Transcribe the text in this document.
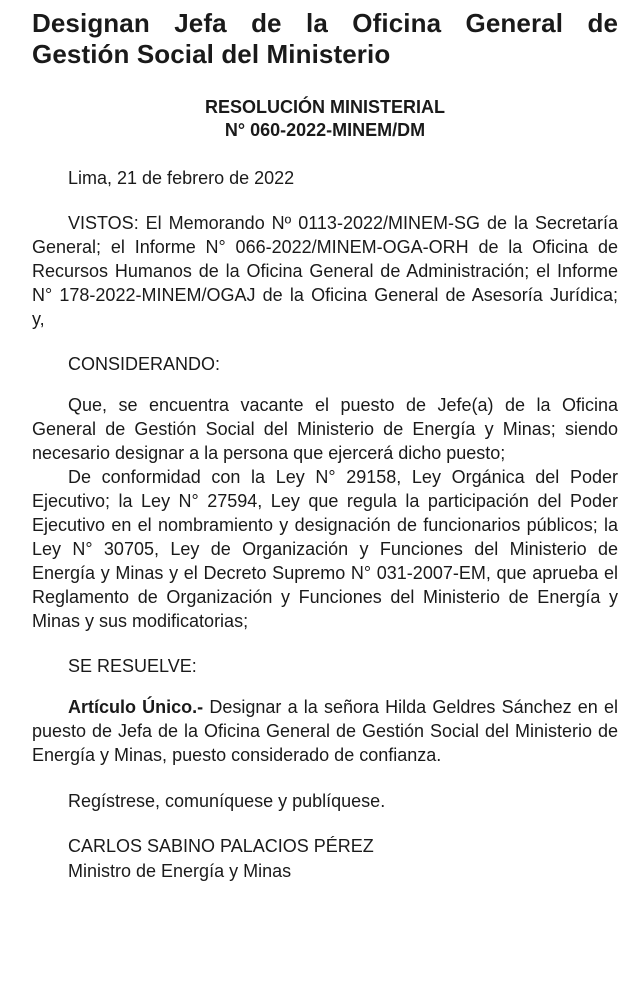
Designan Jefa de la Oficina General de Gestión Social del Ministerio
RESOLUCIÓN MINISTERIAL
N° 060-2022-MINEM/DM

Lima, 21 de febrero de 2022

VISTOS: El Memorando Nº 0113-2022/MINEM-SG de la Secretaría General; el Informe N° 066-2022/MINEM-OGA-ORH de la Oficina de Recursos Humanos de la Oficina General de Administración; el Informe N° 178-2022-MINEM/OGAJ de la Oficina General de Asesoría Jurídica; y,

CONSIDERANDO:

Que, se encuentra vacante el puesto de Jefe(a) de la Oficina General de Gestión Social del Ministerio de Energía y Minas; siendo necesario designar a la persona que ejercerá dicho puesto;

De conformidad con la Ley N° 29158, Ley Orgánica del Poder Ejecutivo; la Ley N° 27594, Ley que regula la participación del Poder Ejecutivo en el nombramiento y designación de funcionarios públicos; la Ley N° 30705, Ley de Organización y Funciones del Ministerio de Energía y Minas y el Decreto Supremo N° 031-2007-EM, que aprueba el Reglamento de Organización y Funciones del Ministerio de Energía y Minas y sus modificatorias;

SE RESUELVE:

Artículo Único.- Designar a la señora Hilda Geldres Sánchez en el puesto de Jefa de la Oficina General de Gestión Social del Ministerio de Energía y Minas, puesto considerado de confianza.

Regístrese, comuníquese y publíquese.

CARLOS SABINO PALACIOS PÉREZ
Ministro de Energía y Minas
